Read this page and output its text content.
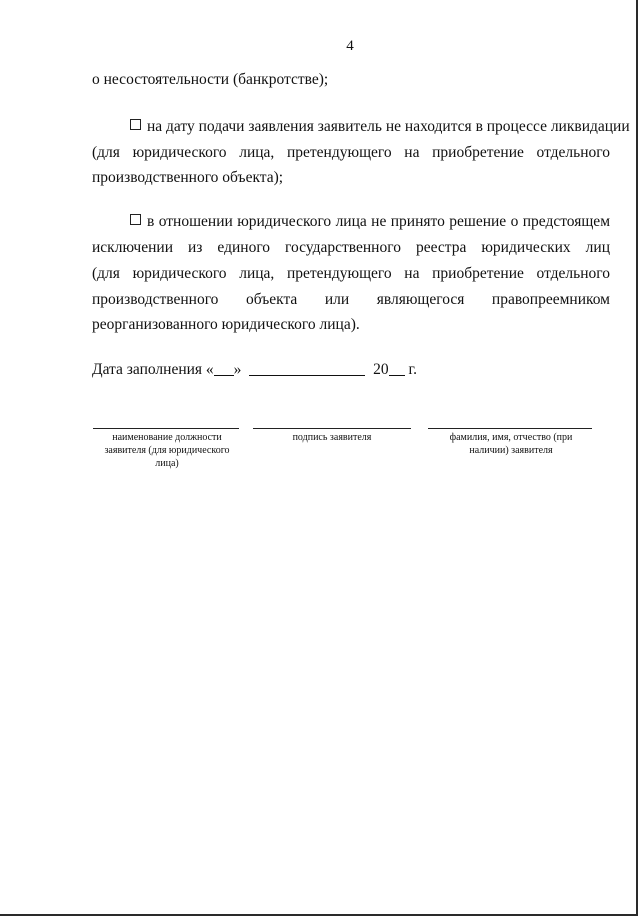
4
о несостоятельности (банкротстве);
на дату подачи заявления заявитель не находится в процессе ликвидации
(для юридического лица, претендующего на приобретение отдельного
производственного объекта);
в отношении юридического лица не принято решение о предстоящем
исключении из единого государственного реестра юридических лиц
(для юридического лица, претендующего на приобретение отдельного
производственного объекта или являющегося правопреемником
реорганизованного юридического лица).
Дата заполнения « »	20 г.
наименование должности заявителя (для юридического лица)
подпись заявителя	фамилия, имя, отчество (при наличии) заявителя
